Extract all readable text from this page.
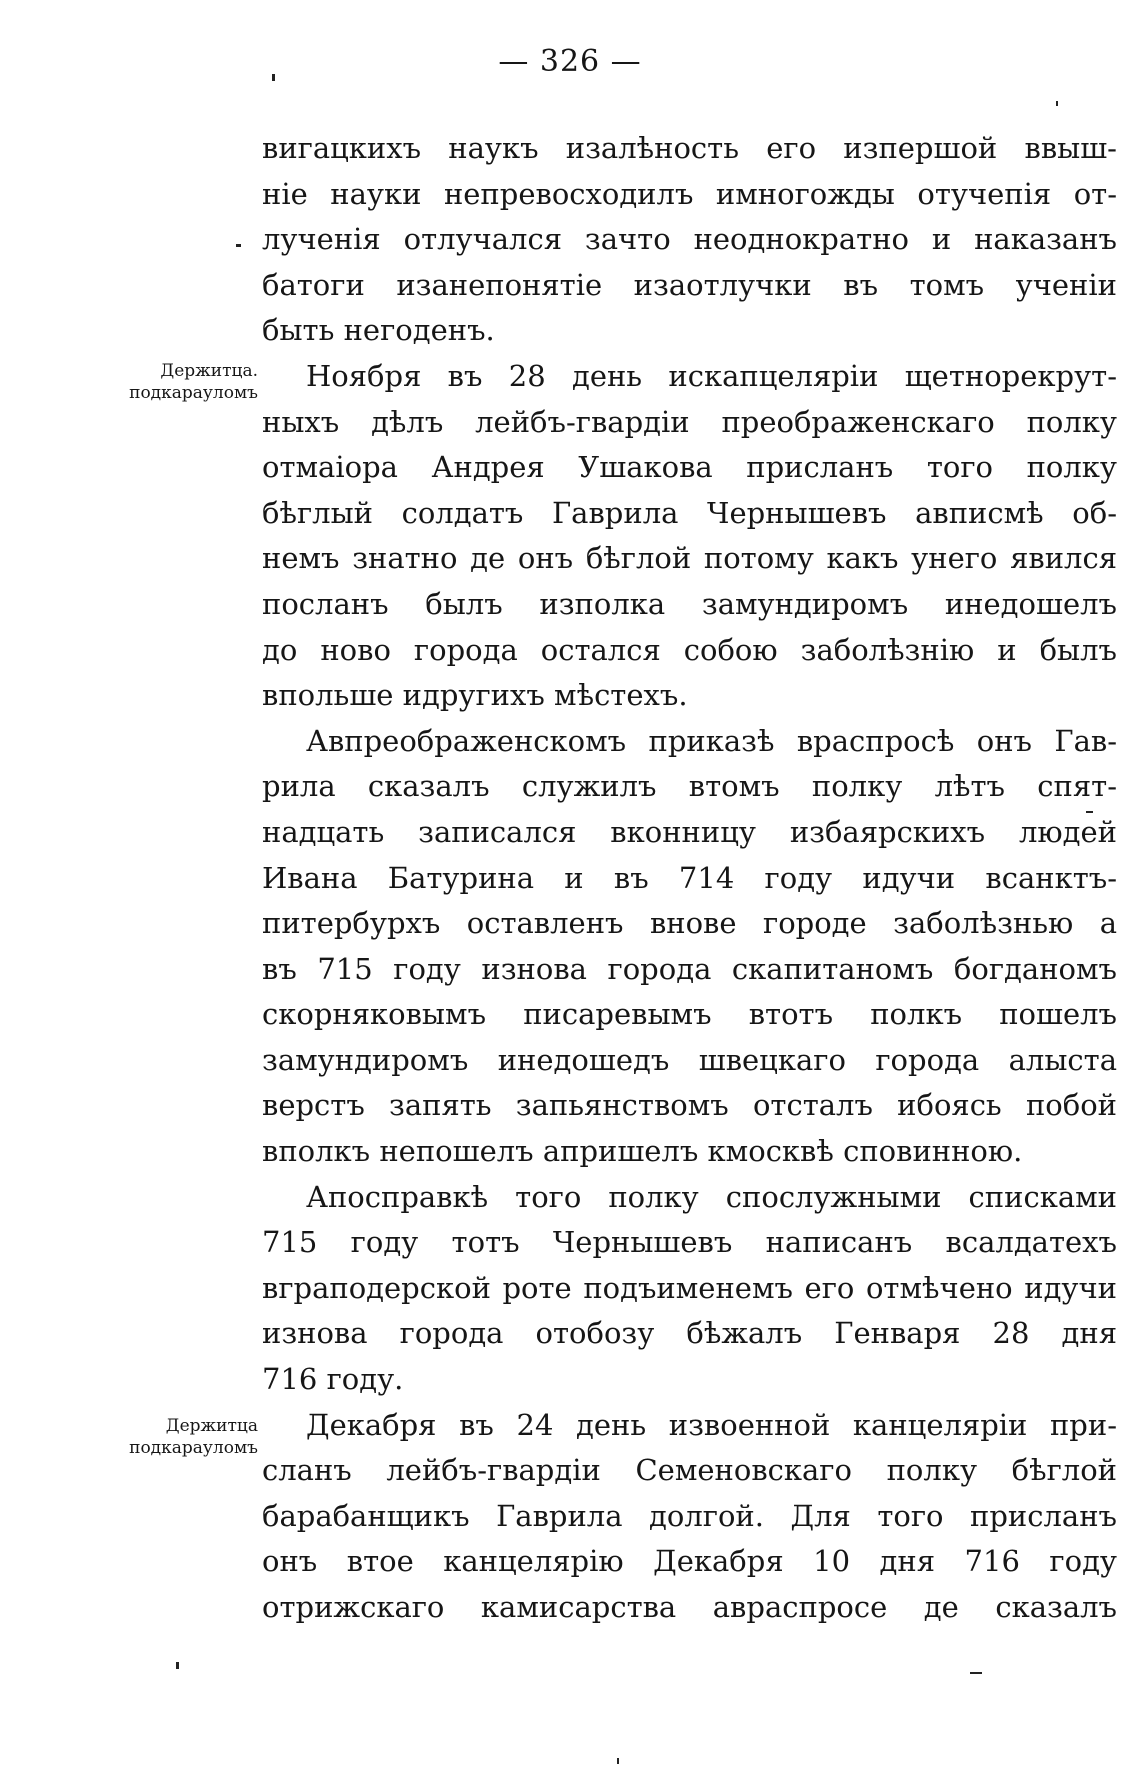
— 326 —
Держитца.
подкарауломъ
Держитца
подкарауломъ
вигацкихъ наукъ изалѣность его изпершой ввыш-
ніе науки непревосходилъ имногожды отучепія от-
лученія отлучался зачто неоднократно и наказанъ
батоги изанепонятіе изаотлучки въ томъ ученіи
быть негоденъ.
Ноября въ 28 день искапцеляріи щетнорекрут-
ныхъ дѣлъ лейбъ-гвардіи преображенскаго полку
отмаіора Андрея Ушакова присланъ того полку
бѣглый солдатъ Гаврила Чернышевъ авписмѣ об-
немъ знатно де онъ бѣглой потому какъ унего явился
посланъ былъ изполка замундиромъ инедошелъ
до ново города остался собою заболѣзнію и былъ
впольше идругихъ мѣстехъ.
Авпреображенскомъ приказѣ враспросѣ онъ Гав-
рила сказалъ служилъ втомъ полку лѣтъ спят-
надцать записался вконницу избаярскихъ людей
Ивана Батурина и въ 714 году идучи всанктъ-
питербурхъ оставленъ внове городе заболѣзнью а
въ 715 году изнова города скапитаномъ богданомъ
скорняковымъ писаревымъ втотъ полкъ пошелъ
замундиромъ инедошедъ швецкаго города алыста
верстъ запять запьянствомъ отсталъ ибоясь побой
вполкъ непошелъ апришелъ кмосквѣ сповинною.
Апосправкѣ того полку спослужными списками
715 году тотъ Чернышевъ написанъ всалдатехъ
вграподерской роте подъименемъ его отмѣчено идучи
изнова города отобозу бѣжалъ Генваря 28 дня
716 году.
Декабря въ 24 день извоенной канцеляріи при-
сланъ лейбъ-гвардіи Семеновскаго полку бѣглой
барабанщикъ Гаврила долгой. Для того присланъ
онъ втое канцелярію Декабря 10 дня 716 году
отрижскаго камисарства авраспросе де сказалъ
